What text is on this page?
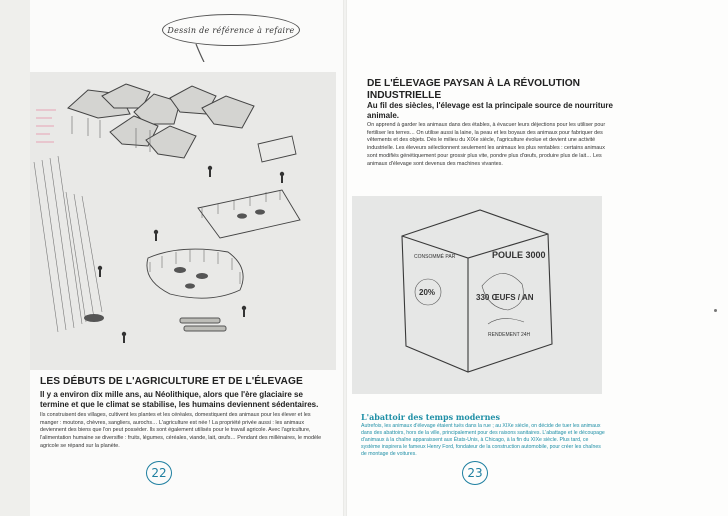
Dessin de référence à refaire
LES DÉBUTS DE L'AGRICULTURE ET DE L'ÉLEVAGE

Il y a environ dix mille ans, au Néolithique, alors que l'ère glaciaire se termine et que le climat se stabilise, les humains deviennent sédentaires.

Ils construisent des villages, cultivent les plantes et les céréales, domestiquent des animaux pour les élever et les manger : moutons, chèvres, sangliers, aurochs… L'agriculture est née ! La propriété privée aussi : les animaux deviennent des biens que l'on peut posséder. Ils sont également utilisés pour le travail agricole. Avec l'agriculture, l'alimentation humaine se diversifie : fruits, légumes, céréales, viande, lait, œufs… Pendant des millénaires, le modèle agricole se répand sur la planète.

DE L'ÉLEVAGE PAYSAN À LA RÉVOLUTION INDUSTRIELLE

Au fil des siècles, l'élevage est la principale source de nourriture animale.

On apprend à garder les animaux dans des étables, à évacuer leurs déjections pour les utiliser pour fertiliser les terres… On utilise aussi la laine, la peau et les boyaux des animaux pour fabriquer des vêtements et des objets. Dès le milieu du XIXe siècle, l'agriculture évolue et devient une activité industrielle. Les éleveurs sélectionnent seulement les animaux les plus rentables : certains animaux sont modifiés génétiquement pour grossir plus vite, pondre plus d'œufs, produire plus de lait… Les animaux d'élevage sont devenus des machines vivantes.

POULE 3000
20%
CONSOMMÉ PAR
330 ŒUFS / AN
RENDEMENT 24H
L'abattoir des temps modernes

Autrefois, les animaux d'élevage étaient tués dans la rue ; au XIXe siècle, on décide de tuer les animaux dans des abattoirs, hors de la ville, principalement pour des raisons sanitaires. L'abattage et le découpage d'animaux à la chaîne apparaissent aux États-Unis, à Chicago, à la fin du XIXe siècle. Plus tard, ce système inspirera le fameux Henry Ford, fondateur de la construction automobile, pour créer les chaînes de montage de voitures.

22	23
